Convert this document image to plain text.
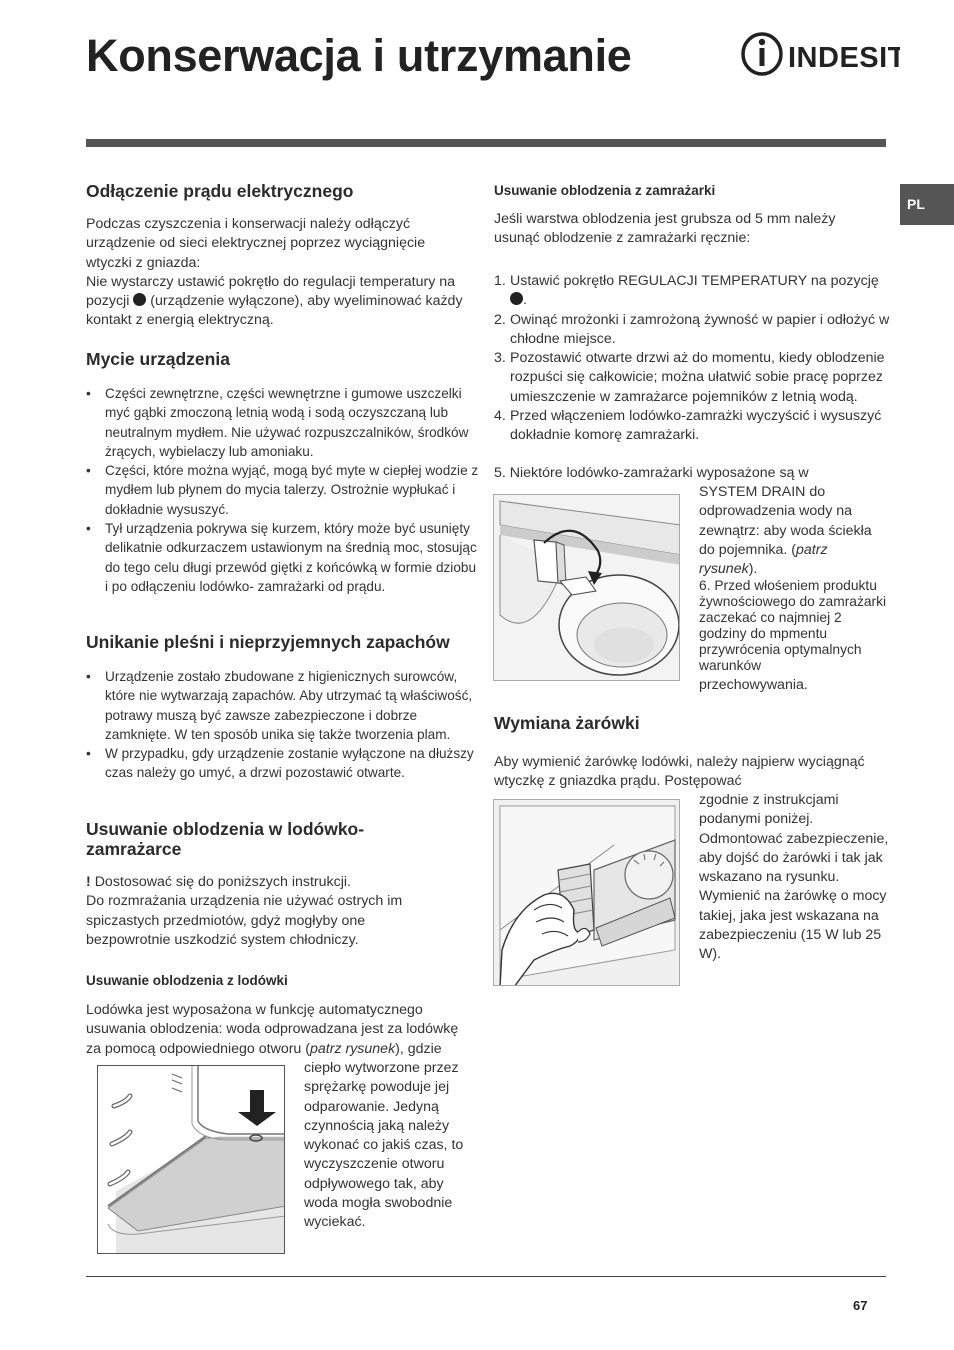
Konserwacja i utrzymanie	INDESIT
PL
Odłączenie prądu elektrycznego
Podczas czyszczenia i konserwacji należy odłączyć urządzenie od sieci elektrycznej poprzez wyciągnięcie wtyczki z gniazda:
Nie wystarczy ustawić pokrętło do regulacji temperatury na pozycji (urządzenie wyłączone), aby wyeliminować każdy kontakt z energią elektryczną.
Mycie urządzenia
• Części zewnętrzne, części wewnętrzne i gumowe uszczelki myć gąbki zmoczoną letnią wodą i sodą oczyszczaną lub neutralnym mydłem. Nie używać rozpuszczalników, środków żrących, wybielaczy lub amoniaku.
• Części, które można wyjąć, mogą być myte w ciepłej wodzie z mydłem lub płynem do mycia talerzy. Ostrożnie wypłukać i dokładnie wysuszyć.
• Tył urządzenia pokrywa się kurzem, który może być usunięty delikatnie odkurzaczem ustawionym na średnią moc, stosując do tego celu długi przewód giętki z końcówką w formie dziobu i po odłączeniu lodówko- zamrażarki od prądu.
Unikanie pleśni i nieprzyjemnych zapachów
• Urządzenie zostało zbudowane z higienicznych surowców, które nie wytwarzają zapachów. Aby utrzymać tą właściwość, potrawy muszą być zawsze zabezpieczone i dobrze zamknięte. W ten sposób unika się także tworzenia plam.
• W przypadku, gdy urządzenie zostanie wyłączone na dłuższy czas należy go umyć, a drzwi pozostawić otwarte.
Usuwanie oblodzenia w lodówko-zamrażarce
! Dostosować się do poniższych instrukcji.
Do rozmrażania urządzenia nie używać ostrych im spiczastych przedmiotów, gdyż mogłyby one bezpowrotnie uszkodzić system chłodniczy.
Usuwanie oblodzenia z lodówki
Lodówka jest wyposażona w funkcję automatycznego usuwania oblodzenia: woda odprowadzana jest za lodówkę za pomocą odpowiedniego otworu (patrz rysunek), gdzie
ciepło wytworzone przez sprężarkę powoduje jej odparowanie. Jedyną czynnością jaką należy wykonać co jakiś czas, to wyczyszczenie otworu odpływowego tak, aby woda mogła swobodnie wyciekać.
Usuwanie oblodzenia z zamrażarki
Jeśli warstwa oblodzenia jest grubsza od 5 mm należy usunąć oblodzenie z zamrażarki ręcznie:
1. Ustawić pokrętło REGULACJI TEMPERATURY na pozycję .
2. Owinąć mrożonki i zamrożoną żywność w papier i odłożyć w chłodne miejsce.
3. Pozostawić otwarte drzwi aż do momentu, kiedy oblodzenie rozpuści się całkowicie; można ułatwić sobie pracę poprzez umieszczenie w zamrażarce pojemników z letnią wodą.
4. Przed włączeniem lodówko-zamrażki wyczyścić i wysuszyć dokładnie komorę zamrażarki.
5. Niektóre lodówko-zamrażarki wyposażone są w
SYSTEM DRAIN do odprowadzenia wody na zewnątrz: aby woda ściekła do pojemnika. (patrz rysunek).
6. Przed włośeniem produktu żywnościowego do zamrażarki zaczekać co najmniej 2 godziny do mpmentu przywrócenia optymalnych warunków
przechowywania.
Wymiana żarówki
Aby wymienić żarówkę lodówki, należy najpierw wyciągnąć wtyczkę z gniazdka prądu. Postępować
zgodnie z instrukcjami podanymi poniżej. Odmontować zabezpieczenie, aby dojść do żarówki i tak jak wskazano na rysunku. Wymienić na żarówkę o mocy takiej, jaka jest wskazana na zabezpieczeniu (15 W lub 25 W).
67
